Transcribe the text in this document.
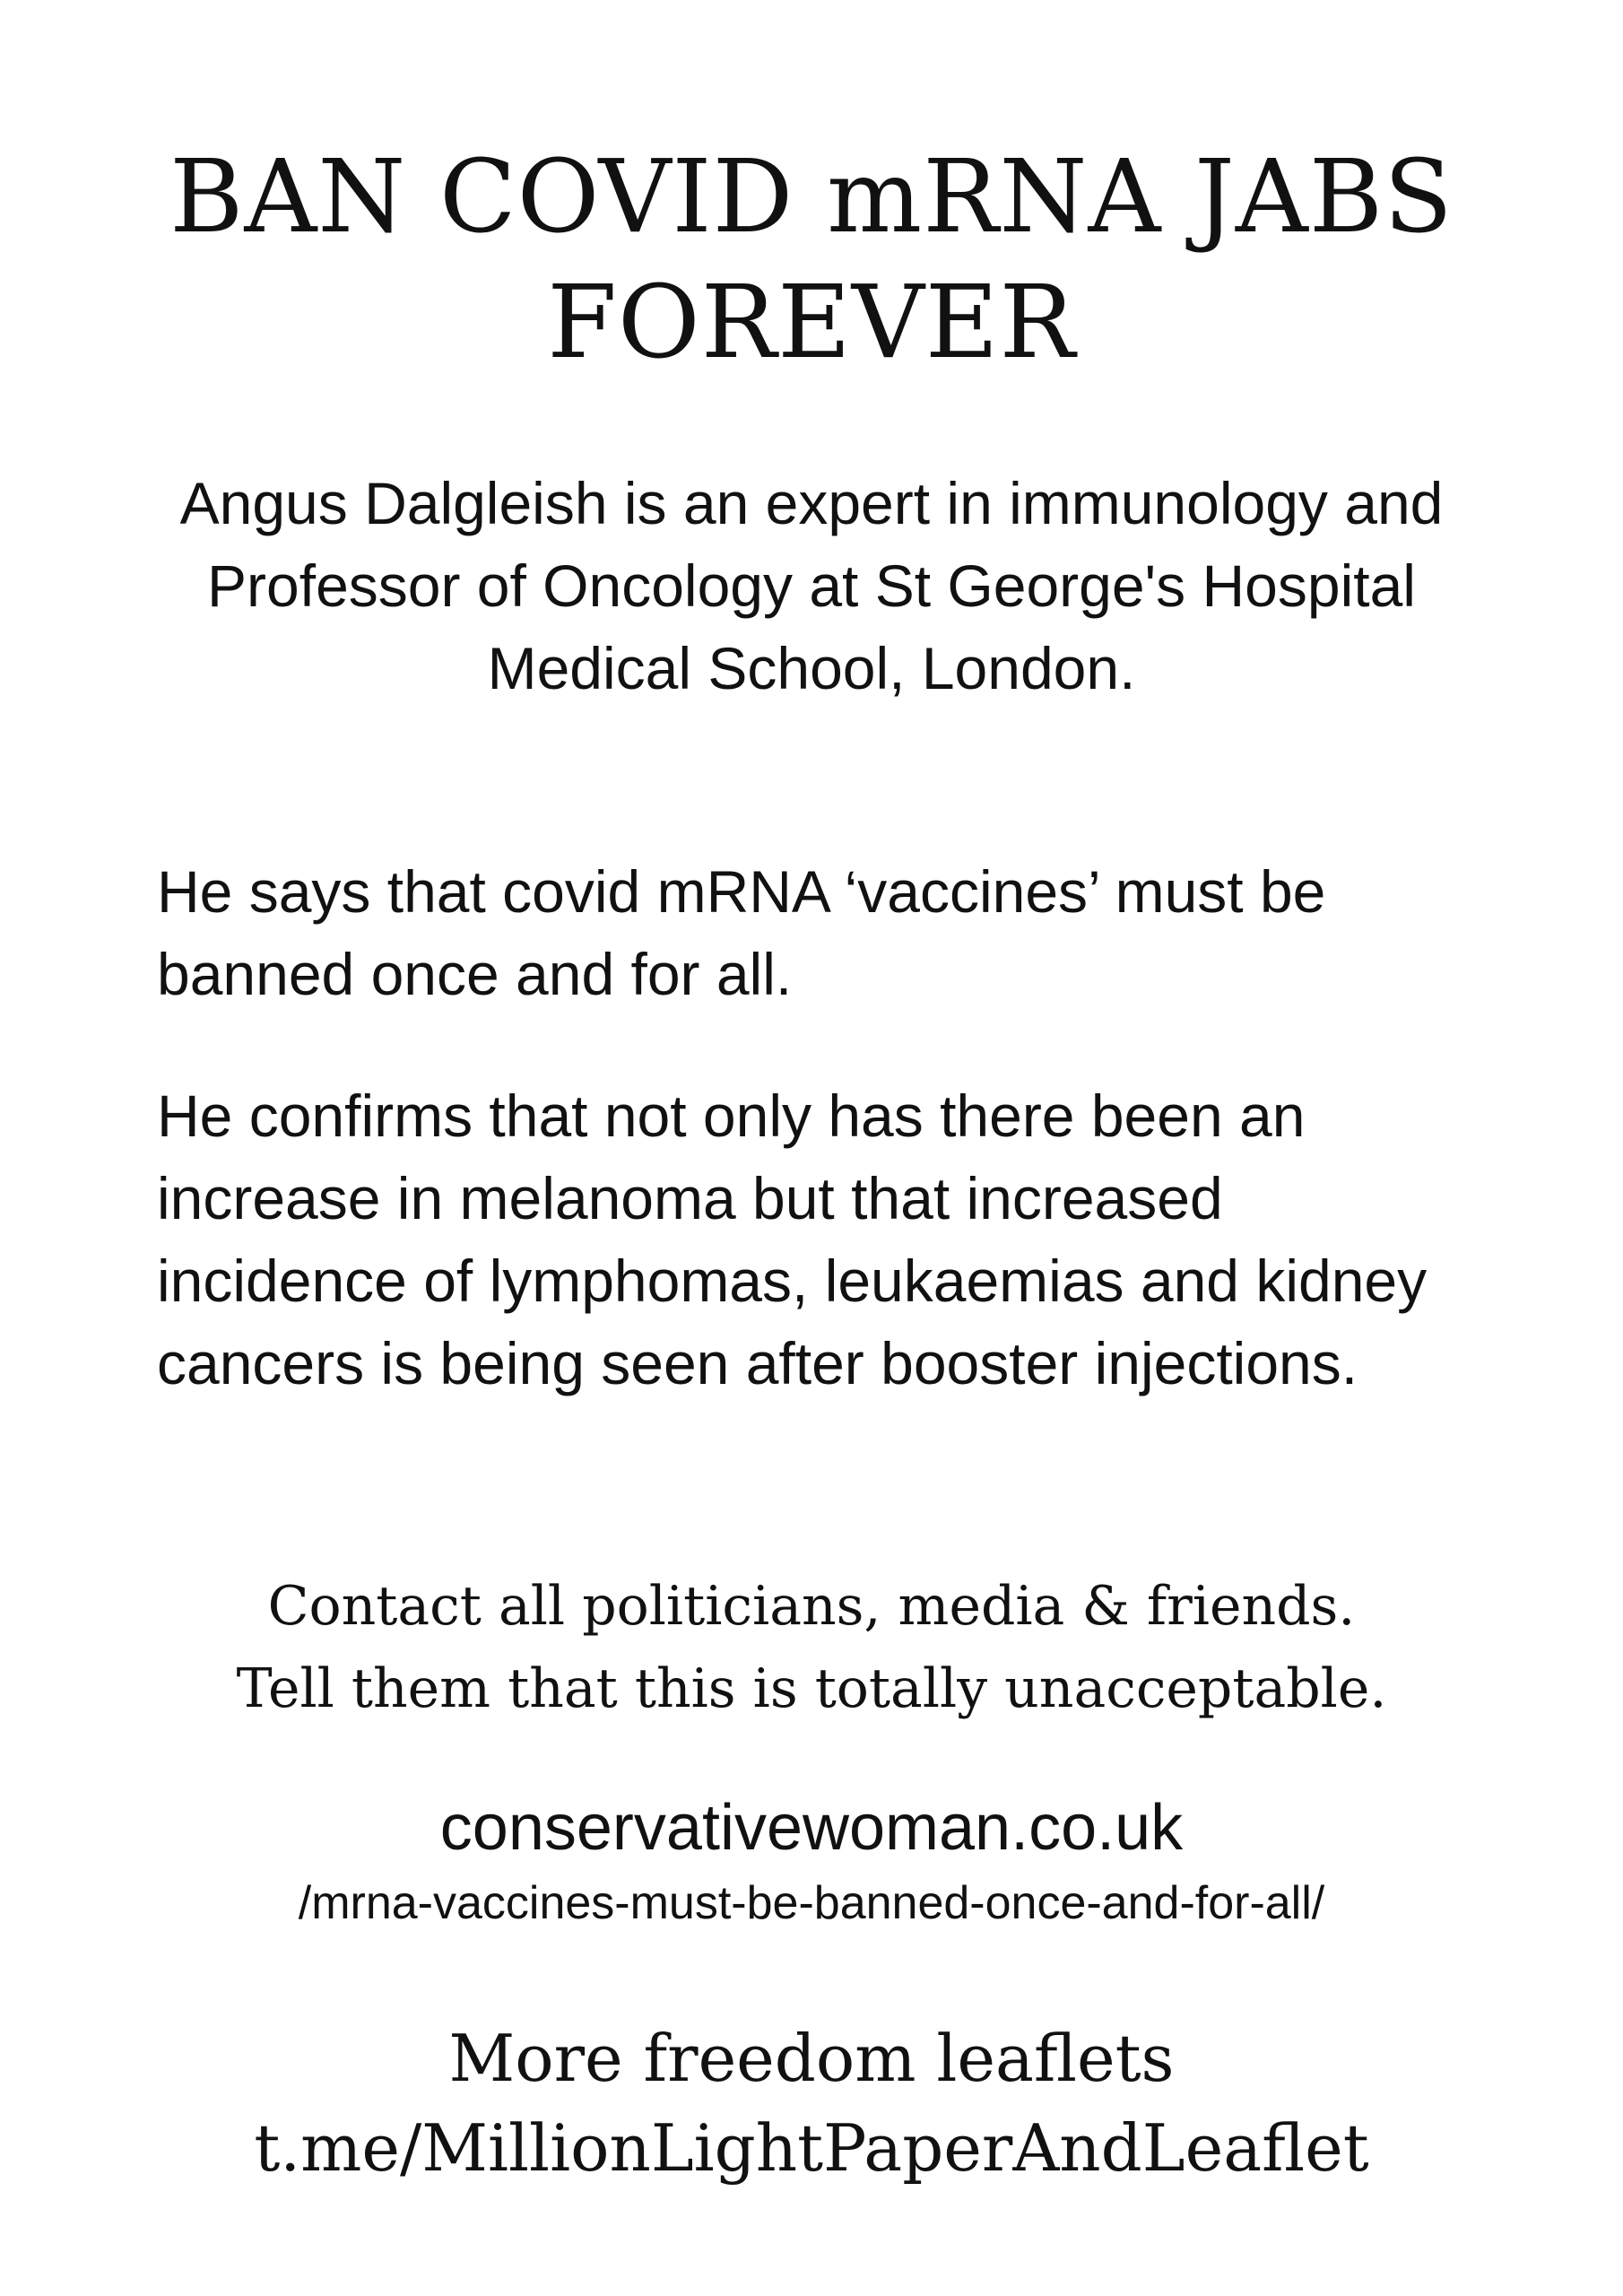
BAN COVID mRNA JABS
FOREVER

Angus Dalgleish is an expert in immunology and Professor of Oncology at St George's Hospital Medical School, London.

He says that covid mRNA ‘vaccines’ must be banned once and for all.

He confirms that not only has there been an increase in melanoma but that increased incidence of lymphomas, leukaemias and kidney cancers is being seen after booster injections.

Contact all politicians, media & friends.
Tell them that this is totally unacceptable.
conservativewoman.co.uk
/mrna-vaccines-must-be-banned-once-and-for-all/
More freedom leaflets
t.me/MillionLightPaperAndLeaflet
